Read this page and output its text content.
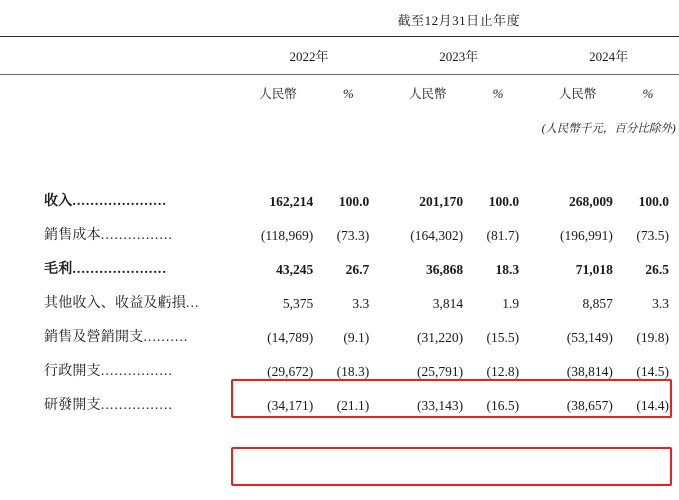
	截至12月31日止年度							

	2022年			2023年			2024年	

	人民幣	%		人民幣	%		人民幣	%
							(人民幣千元，百分比除外)	

收入.....................	162,214	100.0		201,170	100.0		268,009	100.0
銷售成本................	(118,969)	(73.3)		(164,302)	(81.7)		(196,991)	(73.5)
毛利.....................	43,245	26.7		36,868	18.3		71,018	26.5
其他收入、收益及虧損...	5,375	3.3		3,814	1.9		8,857	3.3
銷售及營銷開支..........	(14,789)	(9.1)		(31,220)	(15.5)		(53,149)	(19.8)
行政開支................	(29,672)	(18.3)		(25,791)	(12.8)		(38,814)	(14.5)
研發開支................	(34,171)	(21.1)		(33,143)	(16.5)		(38,657)	(14.4)
